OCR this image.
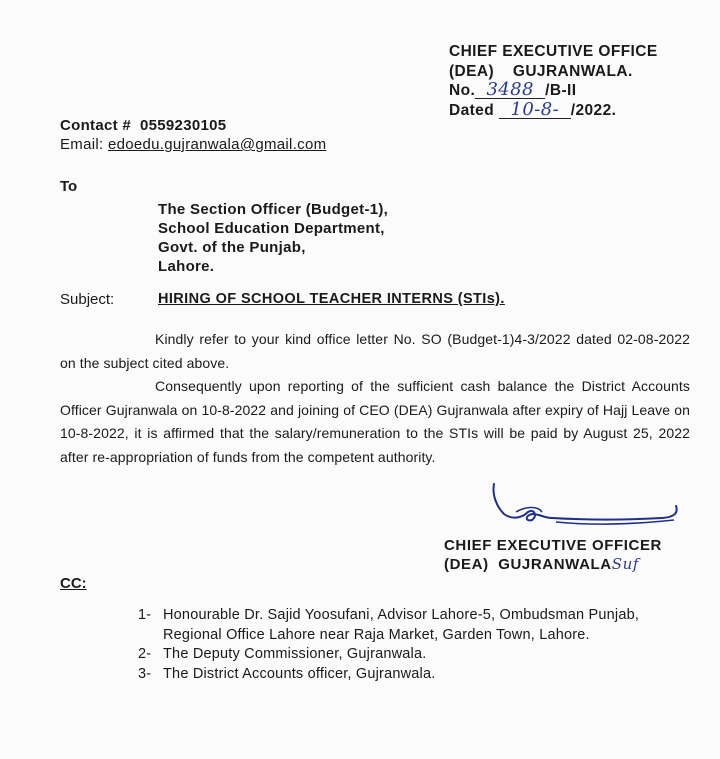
CHIEF EXECUTIVE OFFICE
(DEA)    GUJRANWALA.
No. 3488 /B-II
Dated 10-8- /2022.
Contact #  0559230105
Email: edoedu.gujranwala@gmail.com
To
The Section Officer (Budget-1),
School Education Department,
Govt. of the Punjab,
Lahore.
Subject:	HIRING OF SCHOOL TEACHER INTERNS (STIs).

Kindly refer to your kind office letter No. SO (Budget-1)4-3/2022 dated 02-08-2022 on the subject cited above.

Consequently upon reporting of the sufficient cash balance the District Accounts Officer Gujranwala on 10-8-2022 and joining of CEO (DEA) Gujranwala after expiry of Hajj Leave on 10-8-2022, it is affirmed that the salary/remuneration to the STIs will be paid by August 25, 2022 after re-appropriation of funds from the competent authority.

CHIEF EXECUTIVE OFFICER
(DEA)  GUJRANWALASuf
CC:
1- Honourable Dr. Sajid Yoosufani, Advisor Lahore-5, Ombudsman Punjab, Regional Office Lahore near Raja Market, Garden Town, Lahore.
2- The Deputy Commissioner, Gujranwala.
3- The District Accounts officer, Gujranwala.
